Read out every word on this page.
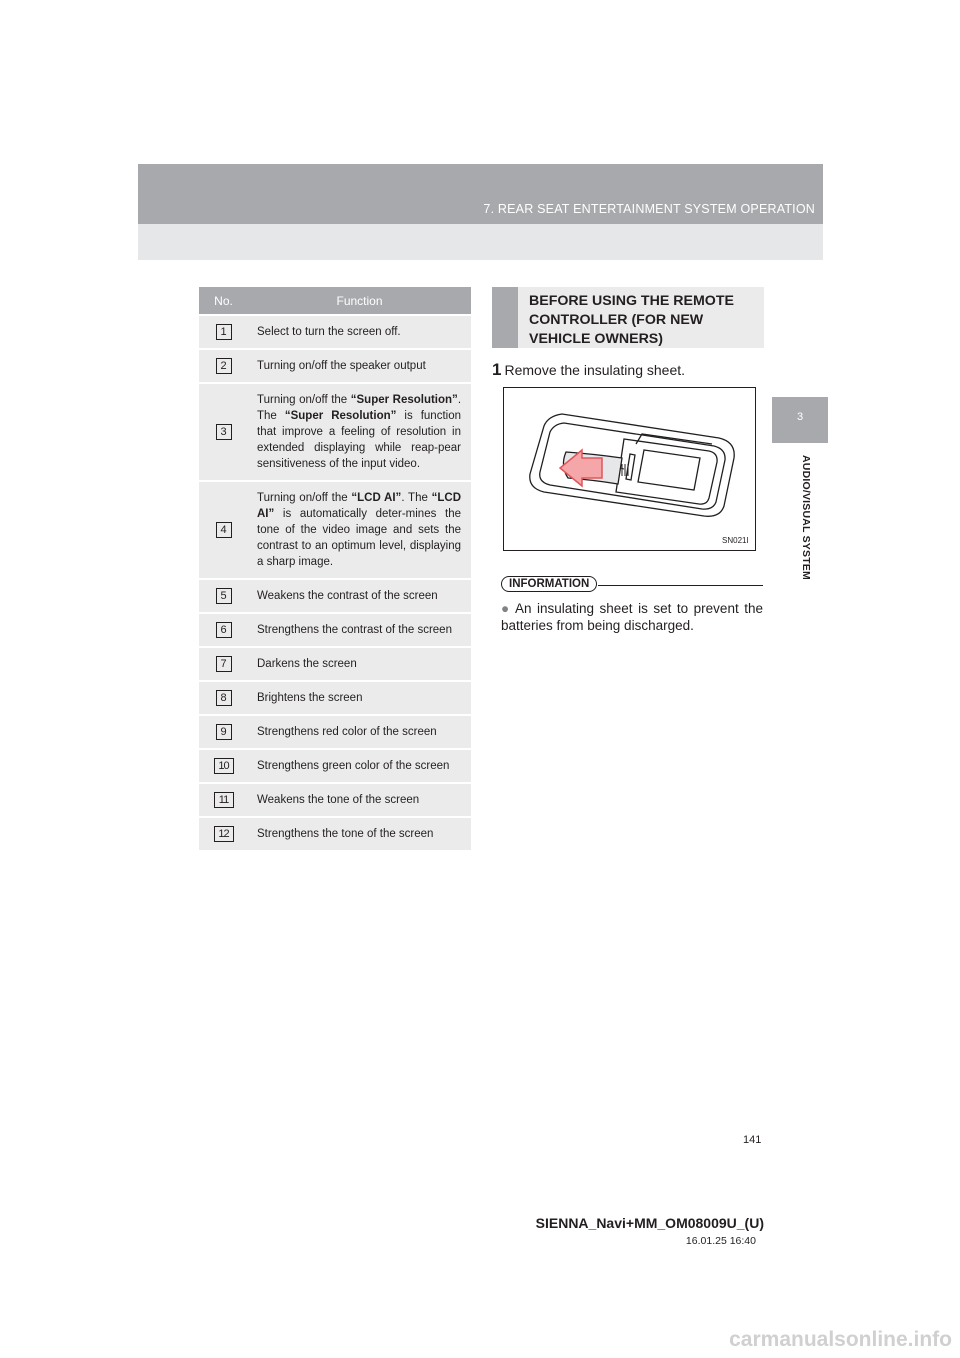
7. REAR SEAT ENTERTAINMENT SYSTEM OPERATION
3
AUDIO/VISUAL SYSTEM
No.	Function
1	Select to turn the screen off.
2	Turning on/off the speaker output
3	Turning on/off the “Super Resolution”. The “Super Resolution” is function that improve a feeling of resolution in extended displaying while reap-pear sensitiveness of the input video.
4	Turning on/off the “LCD AI”. The “LCD AI” is automatically deter-mines the tone of the video image and sets the contrast to an optimum level, displaying a sharp image.
5	Weakens the contrast of the screen
6	Strengthens the contrast of the screen
7	Darkens the screen
8	Brightens the screen
9	Strengthens red color of the screen
10	Strengthens green color of the screen
11	Weakens the tone of the screen
12	Strengthens the tone of the screen
BEFORE USING THE REMOTE CONTROLLER (FOR NEW VEHICLE OWNERS)
1 Remove the insulating sheet.
SN021I
INFORMATION
● An insulating sheet is set to prevent the batteries from being discharged.
141
SIENNA_Navi+MM_OM08009U_(U)
16.01.25 16:40
carmanualsonline.info
